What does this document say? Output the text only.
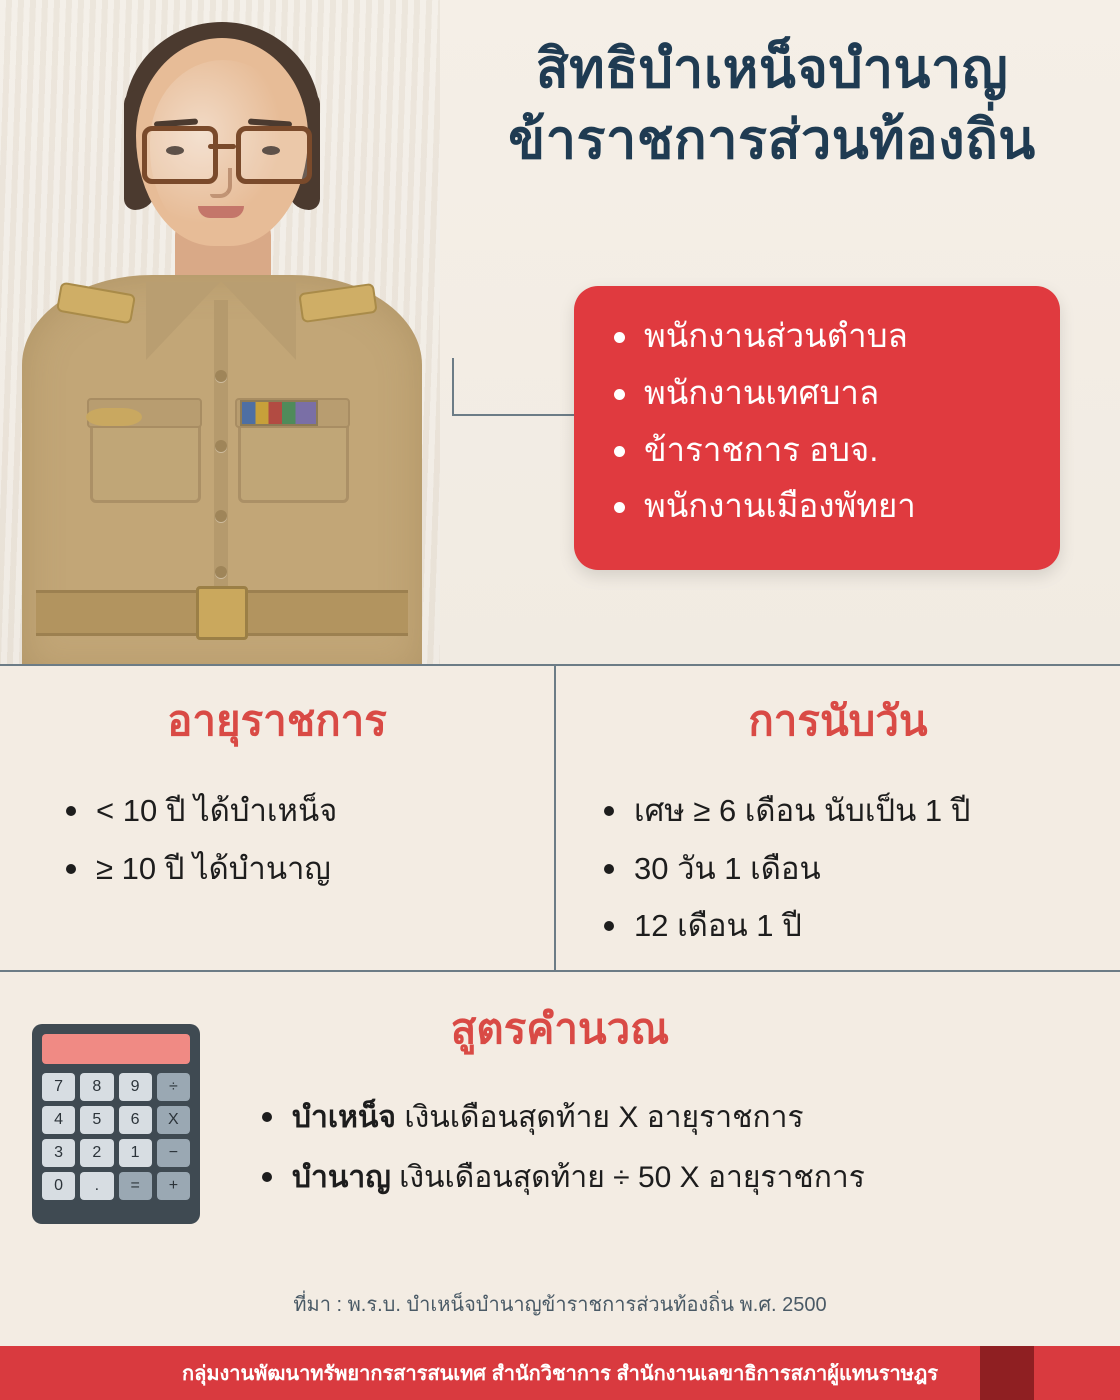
สิทธิบำเหน็จบำนาญ
ข้าราชการส่วนท้องถิ่น
พนักงานส่วนตำบล
พนักงานเทศบาล
ข้าราชการ อบจ.
พนักงานเมืองพัทยา
อายุราชการ
< 10 ปี ได้บำเหน็จ
≥ 10 ปี ได้บำนาญ
การนับวัน
เศษ ≥ 6 เดือน นับเป็น 1 ปี
30 วัน 1 เดือน
12 เดือน 1 ปี
7	8	9	÷
4	5	6	X
3	2	1	−
0	.	=	+
สูตรคำนวณ
บำเหน็จ เงินเดือนสุดท้าย X อายุราชการ
บำนาญ เงินเดือนสุดท้าย ÷ 50 X อายุราชการ
ที่มา : พ.ร.บ. บำเหน็จบำนาญข้าราชการส่วนท้องถิ่น พ.ศ. 2500
กลุ่มงานพัฒนาทรัพยากรสารสนเทศ สำนักวิชาการ สำนักงานเลขาธิการสภาผู้แทนราษฎร
